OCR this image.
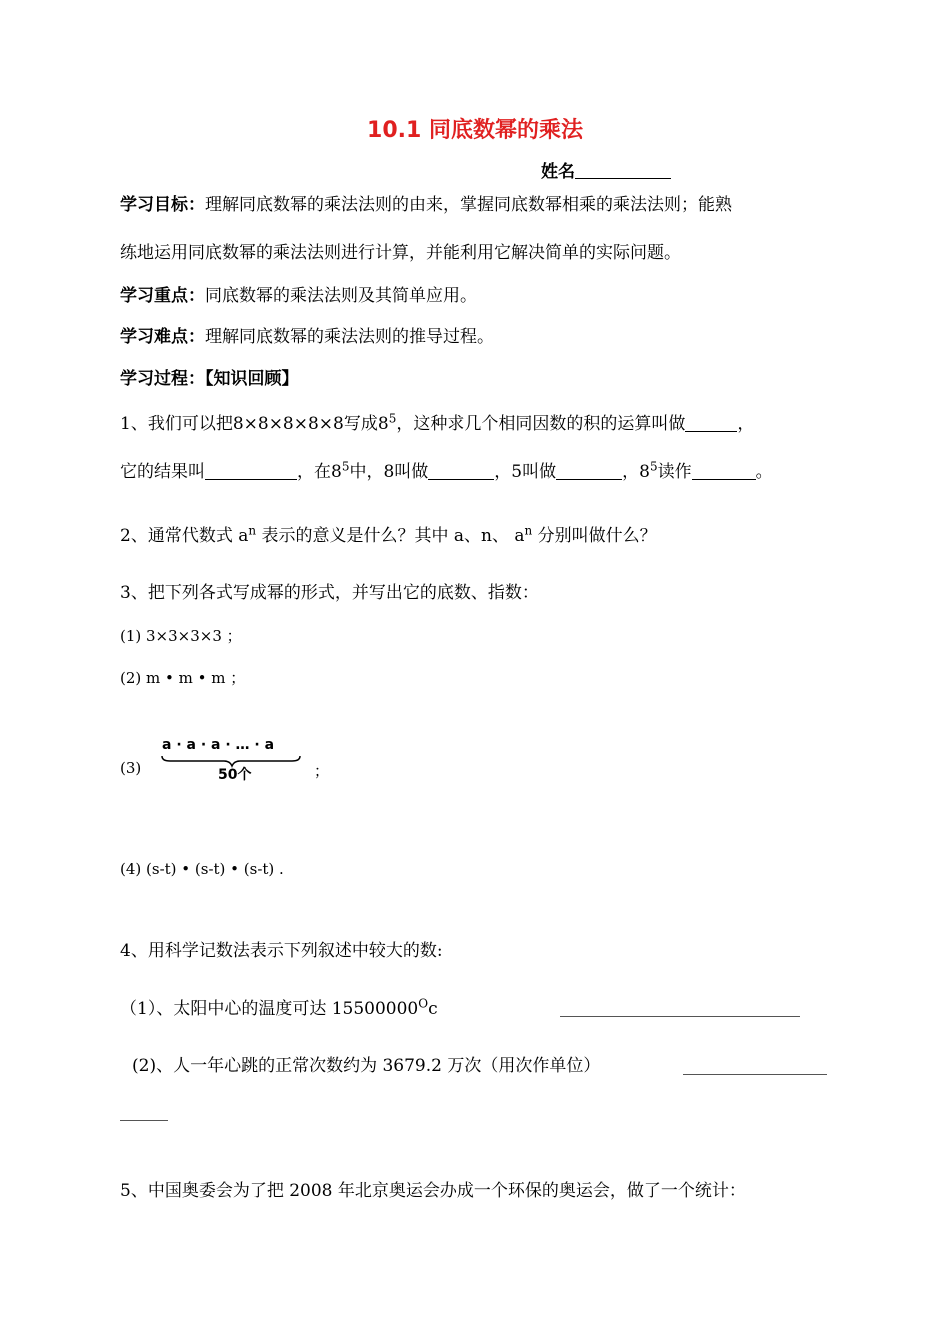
10.1 同底数幂的乘法
姓名
学习目标：理解同底数幂的乘法法则的由来，掌握同底数幂相乘的乘法法则；能熟
练地运用同底数幂的乘法法则进行计算，并能利用它解决简单的实际问题。
学习重点：同底数幂的乘法法则及其简单应用。
学习难点：理解同底数幂的乘法法则的推导过程。
学习过程：【知识回顾】
1、我们可以把8×8×8×8×8写成$8^5$，这种求几个相同因数的积的运算叫做	，
它的结果叫	，在$8^5$中，8叫做	，5叫做	，$8^5$读作	。
2、通常代数式 $a^n$ 表示的意义是什么？其中 a、n、 $a^n$ 分别叫做什么？
3、把下列各式写成幂的形式，并写出它的底数、指数：
(1) 3×3×3×3 ；
(2) m • m • m ；
(3)
a · a · a · … · a
50个	；
(4) (s-t) • (s-t) • (s-t) .
4、用科学记数法表示下列叙述中较大的数:
（1）、太阳中心的温度可达 $15500000^Oc$
(2)、人一年心跳的正常次数约为 3679.2 万次（用次作单位）
5、中国奥委会为了把 2008 年北京奥运会办成一个环保的奥运会，做了一个统计：
